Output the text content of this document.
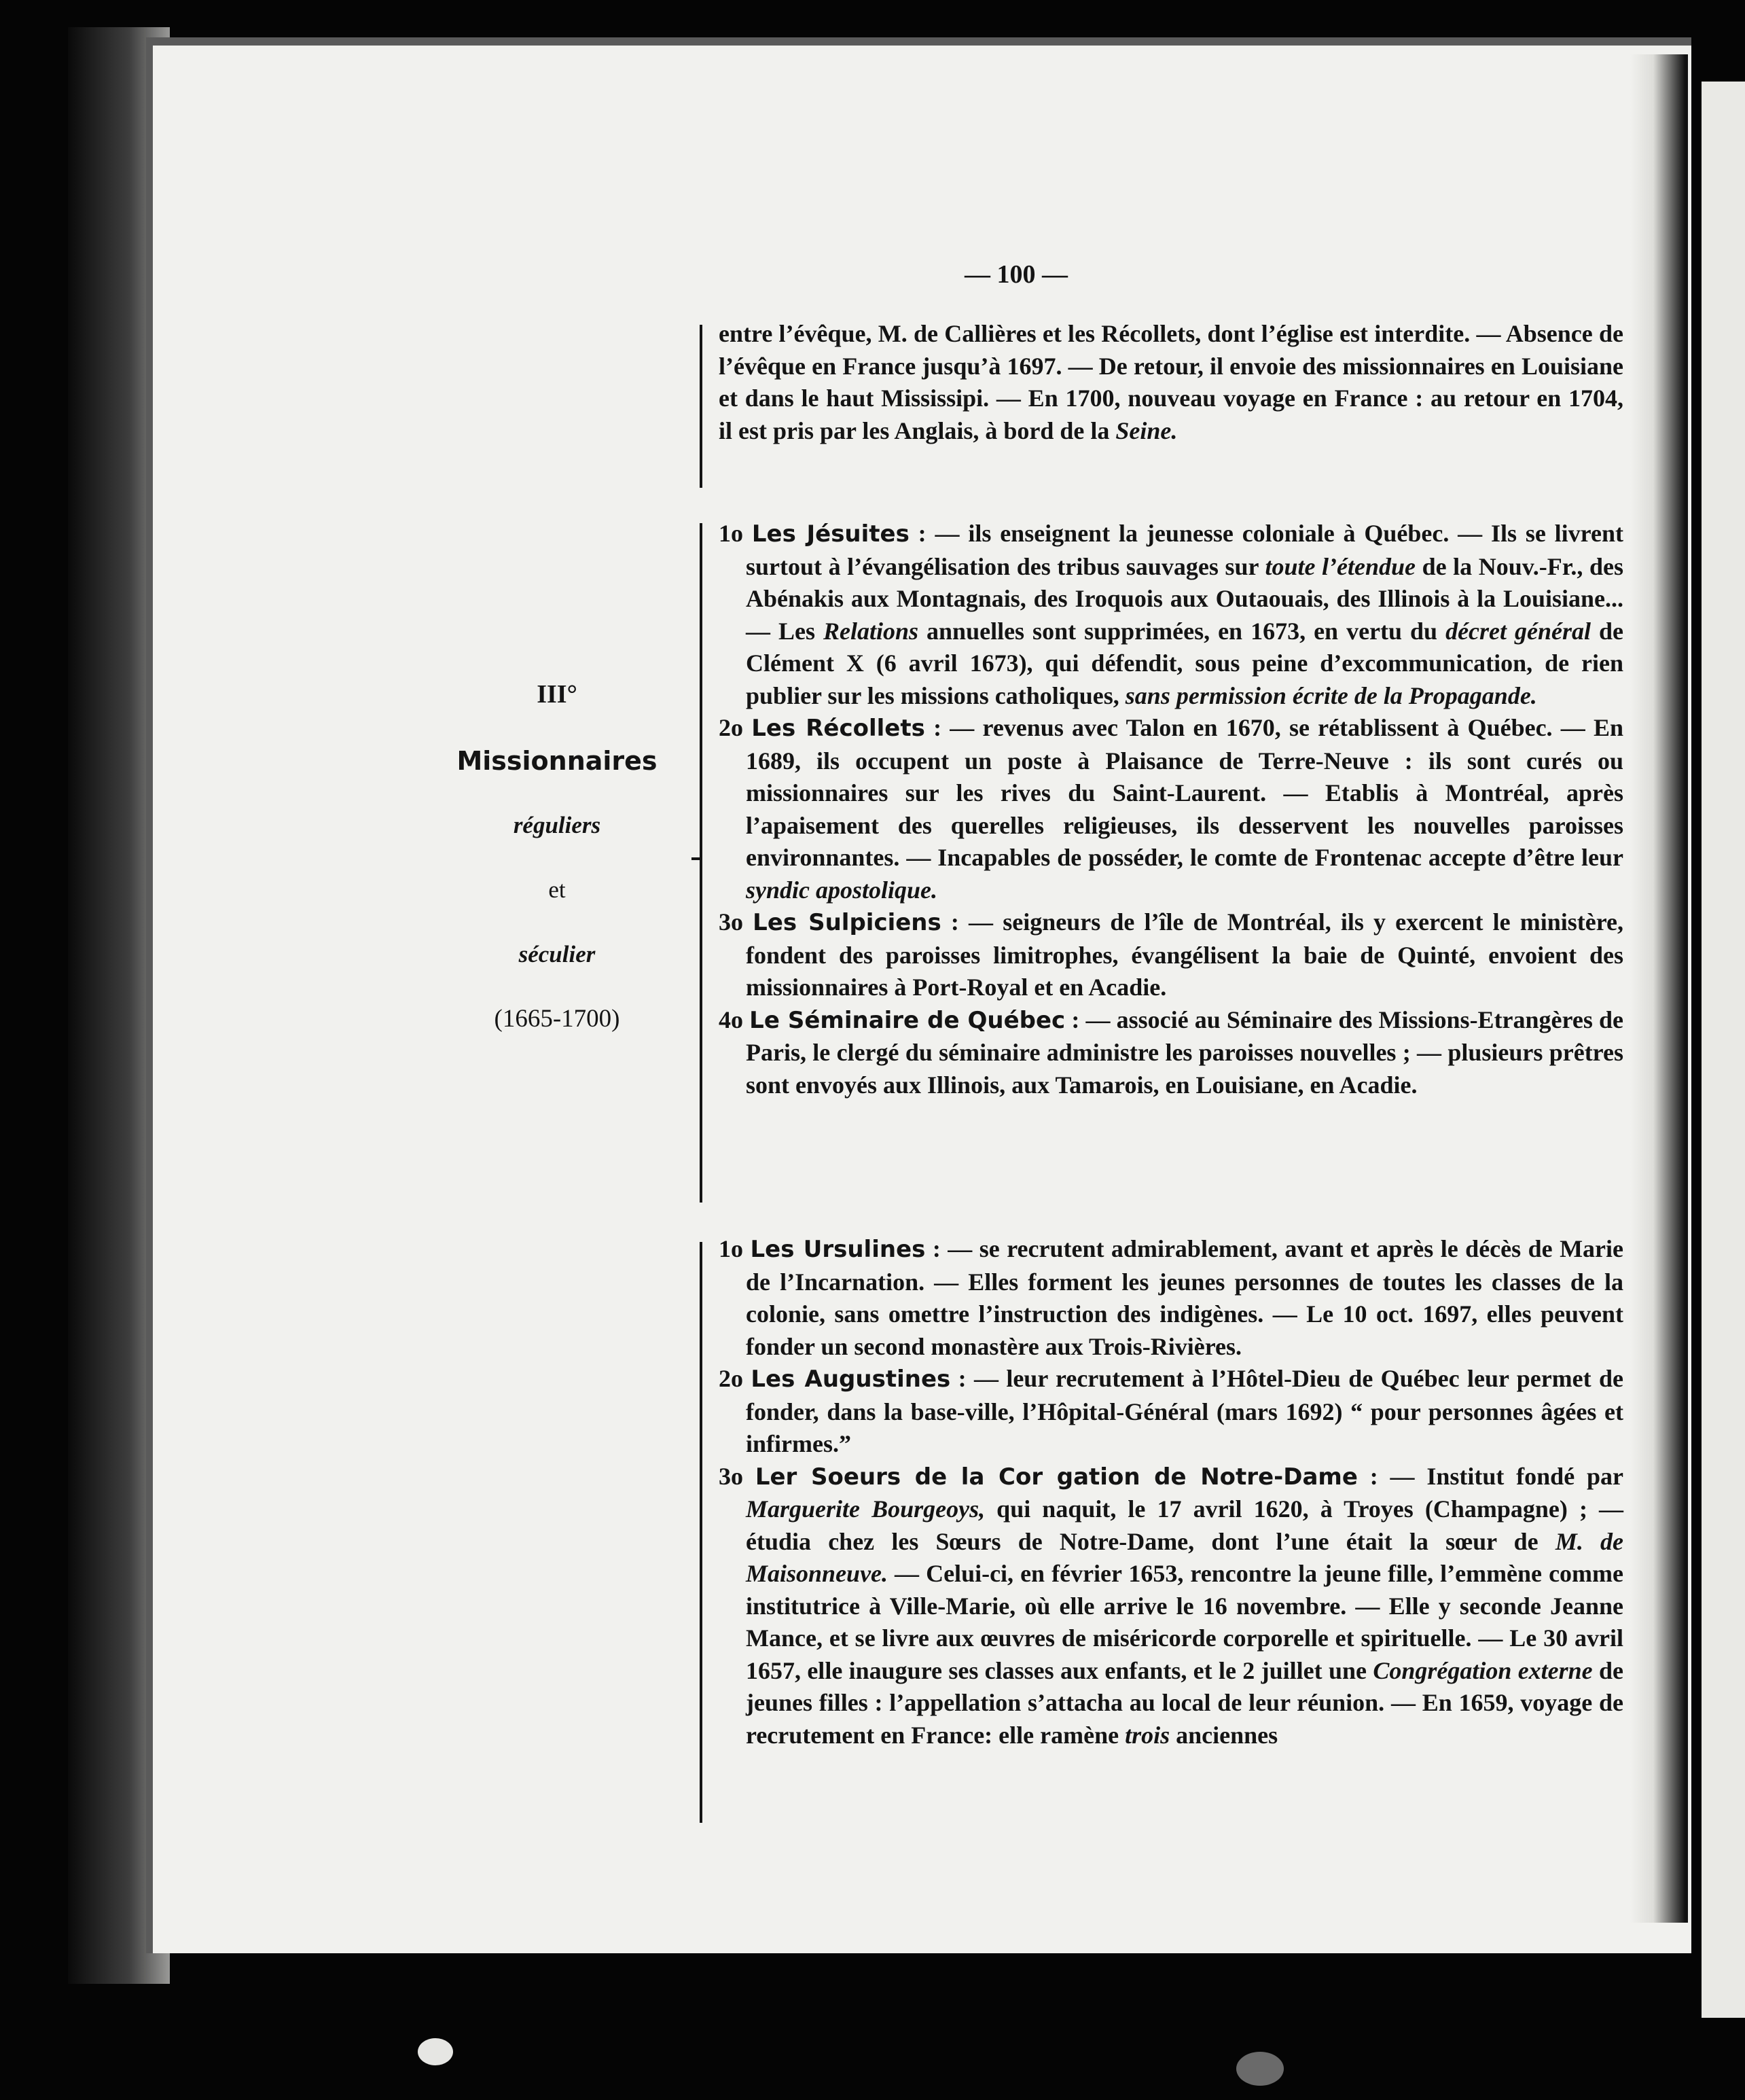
— 100 —
III°
Missionnaires
réguliers
et
séculier
(1665-1700)

entre l’évêque, M. de Callières et les Récollets, dont l’église est interdite. — Absence de l’évêque en France jusqu’à 1697. — De retour, il envoie des missionnaires en Louisiane et dans le haut Mississipi. — En 1700, nouveau voyage en France : au retour en 1704, il est pris par les Anglais, à bord de la Seine.

1o Les Jésuites : — ils enseignent la jeunesse coloniale à Québec. — Ils se livrent surtout à l’évangélisation des tribus sauvages sur toute l’étendue de la Nouv.-Fr., des Abénakis aux Montagnais, des Iroquois aux Outaouais, des Illinois à la Louisiane... — Les Relations annuelles sont supprimées, en 1673, en vertu du décret général de Clément X (6 avril 1673), qui défendit, sous peine d’excommunication, de rien publier sur les missions catholiques, sans permission écrite de la Propagande.

2o Les Récollets : — revenus avec Talon en 1670, se rétablissent à Québec. — En 1689, ils occupent un poste à Plaisance de Terre-Neuve : ils sont curés ou missionnaires sur les rives du Saint-Laurent. — Etablis à Montréal, après l’apaisement des querelles religieuses, ils desservent les nouvelles paroisses environnantes. — Incapables de posséder, le comte de Frontenac accepte d’être leur syndic apostolique.

3o Les Sulpiciens : — seigneurs de l’île de Montréal, ils y exercent le ministère, fondent des paroisses limitrophes, évangélisent la baie de Quinté, envoient des missionnaires à Port-Royal et en Acadie.

4o Le Séminaire de Québec : — associé au Séminaire des Missions-Etrangères de Paris, le clergé du séminaire administre les paroisses nouvelles ; — plusieurs prêtres sont envoyés aux Illinois, aux Tamarois, en Louisiane, en Acadie.

1o Les Ursulines : — se recrutent admirablement, avant et après le décès de Marie de l’Incarnation. — Elles forment les jeunes personnes de toutes les classes de la colonie, sans omettre l’instruction des indigènes. — Le 10 oct. 1697, elles peuvent fonder un second monastère aux Trois-Rivières.

2o Les Augustines : — leur recrutement à l’Hôtel-Dieu de Québec leur permet de fonder, dans la base-ville, l’Hôpital-Général (mars 1692) “ pour personnes âgées et infirmes.”

3o Ler Soeurs de la Cor gation de Notre-Dame : — Institut fondé par Marguerite Bourgeoys, qui naquit, le 17 avril 1620, à Troyes (Champagne) ; — étudia chez les Sœurs de Notre-Dame, dont l’une était la sœur de M. de Maisonneuve. — Celui-ci, en février 1653, rencontre la jeune fille, l’emmène comme institutrice à Ville-Marie, où elle arrive le 16 novembre. — Elle y seconde Jeanne Mance, et se livre aux œuvres de miséricorde corporelle et spirituelle. — Le 30 avril 1657, elle inaugure ses classes aux enfants, et le 2 juillet une Congrégation externe de jeunes filles : l’appellation s’attacha au local de leur réunion. — En 1659, voyage de recrutement en France: elle ramène trois anciennes
